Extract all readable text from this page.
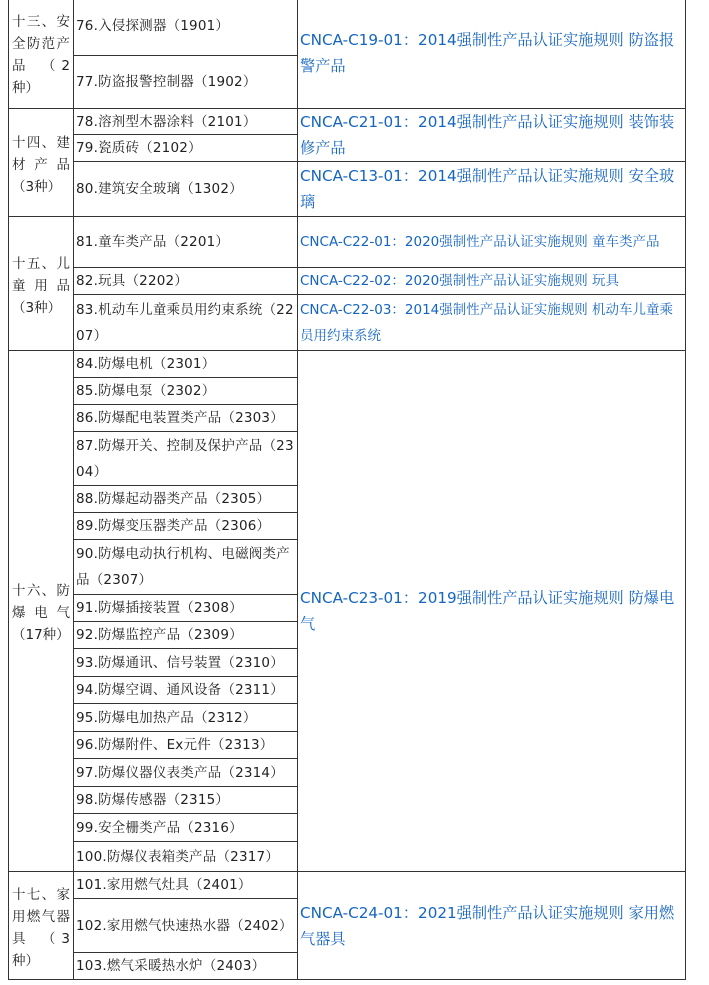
十三、安全防范产品 （2种）
十四、建材产品 （3种）
十五、儿童用品 （3种）
十六、防爆电气 （17种）
十七、家用燃气器具 （3种）
76.入侵探测器（1901）
77.防盗报警控制器（1902）
78.溶剂型木器涂料（2101）
79.瓷质砖（2102）
80.建筑安全玻璃（1302）
81.童车类产品（2201）
82.玩具（2202）
83.机动车儿童乘员用约束系统（2207）
84.防爆电机（2301）
85.防爆电泵（2302）
86.防爆配电装置类产品（2303）
87.防爆开关、控制及保护产品（2304）
88.防爆起动器类产品（2305）
89.防爆变压器类产品（2306）
90.防爆电动执行机构、电磁阀类产品（2307）
91.防爆插接装置（2308）
92.防爆监控产品（2309）
93.防爆通讯、信号装置（2310）
94.防爆空调、通风设备（2311）
95.防爆电加热产品（2312）
96.防爆附件、Ex元件（2313）
97.防爆仪器仪表类产品（2314）
98.防爆传感器（2315）
99.安全栅类产品（2316）
100.防爆仪表箱类产品（2317）
101.家用燃气灶具（2401）
102.家用燃气快速热水器（2402）
103.燃气采暖热水炉（2403）
CNCA-C19-01：2014强制性产品认证实施规则 防盗报警产品
CNCA-C21-01：2014强制性产品认证实施规则 装饰装修产品
CNCA-C13-01：2014强制性产品认证实施规则 安全玻璃
CNCA-C22-01：2020强制性产品认证实施规则 童车类产品
CNCA-C22-02：2020强制性产品认证实施规则 玩具
CNCA-C22-03：2014强制性产品认证实施规则 机动车儿童乘员用约束系统
CNCA-C23-01：2019强制性产品认证实施规则 防爆电气
CNCA-C24-01：2021强制性产品认证实施规则 家用燃气器具
